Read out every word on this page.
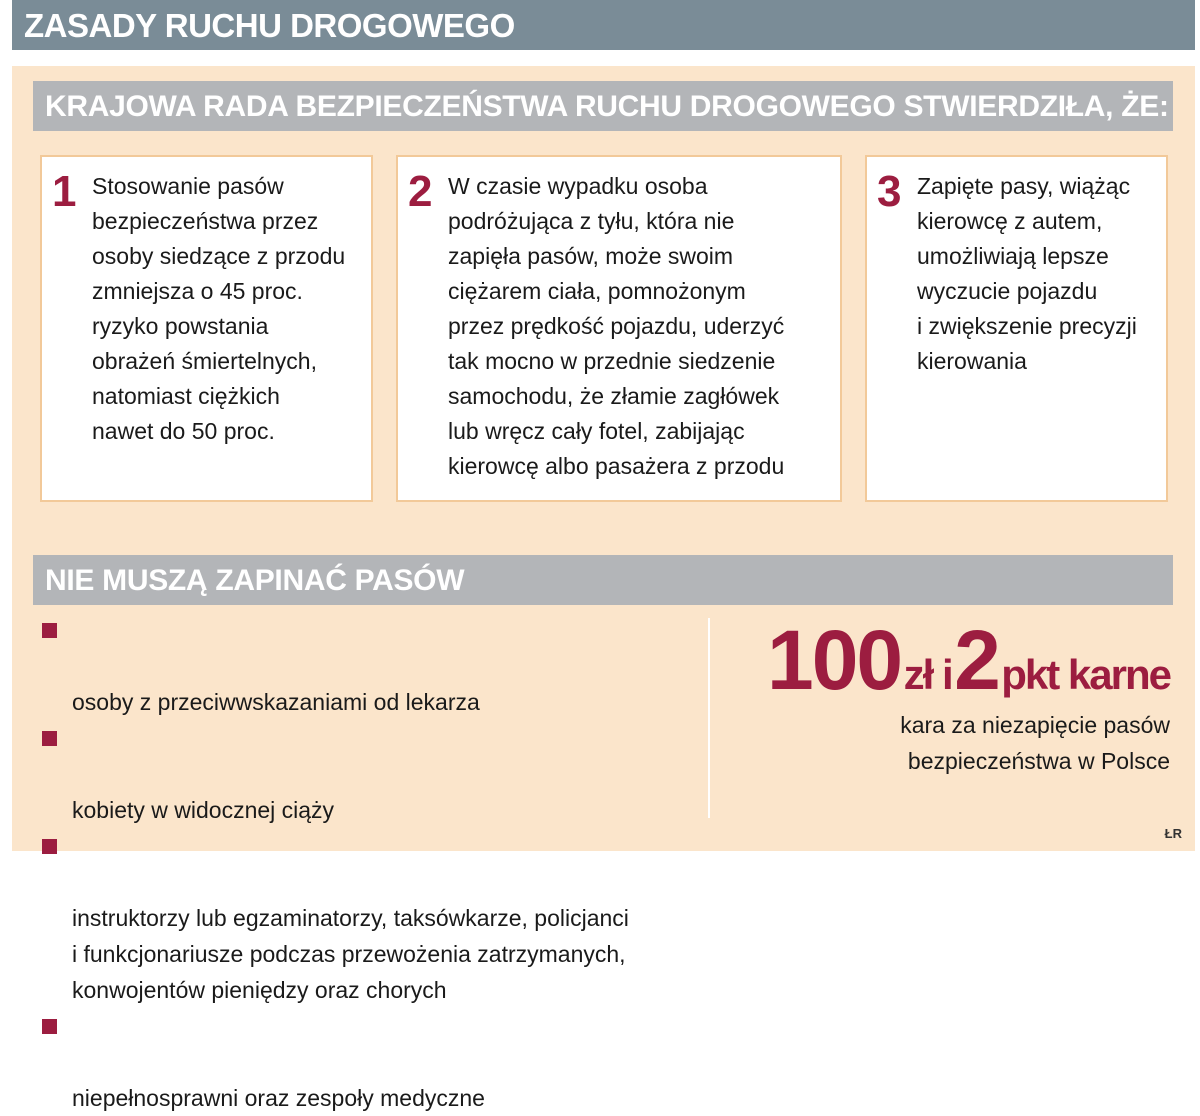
ZASADY RUCHU DROGOWEGO
KRAJOWA RADA BEZPIECZEŃSTWA RUCHU DROGOWEGO STWIERDZIŁA, ŻE:
1 Stosowanie pasów
bezpieczeństwa przez
osoby siedzące z przodu
zmniejsza o 45 proc.
ryzyko powstania
obrażeń śmiertelnych,
natomiast ciężkich
nawet do 50 proc.
2 W czasie wypadku osoba
podróżująca z tyłu, która nie
zapięła pasów, może swoim
ciężarem ciała, pomnożonym
przez prędkość pojazdu, uderzyć
tak mocno w przednie siedzenie
samochodu, że złamie zagłówek
lub wręcz cały fotel, zabijając
kierowcę albo pasażera z przodu
3 Zapięte pasy, wiążąc
kierowcę z autem,
umożliwiają lepsze
wyczucie pojazdu
i zwiększenie precyzji
kierowania
NIE MUSZĄ ZAPINAĆ PASÓW

osoby z przeciwwskazaniami od lekarza

kobiety w widocznej ciąży

instruktorzy lub egzaminatorzy, taksówkarze, policjanci
i funkcjonariusze podczas przewożenia zatrzymanych,
konwojentów pieniędzy oraz chorych

niepełnosprawni oraz zespoły medyczne

100 zł i 2 pkt karne
kara za niezapięcie pasów
bezpieczeństwa w Polsce
ŁR
